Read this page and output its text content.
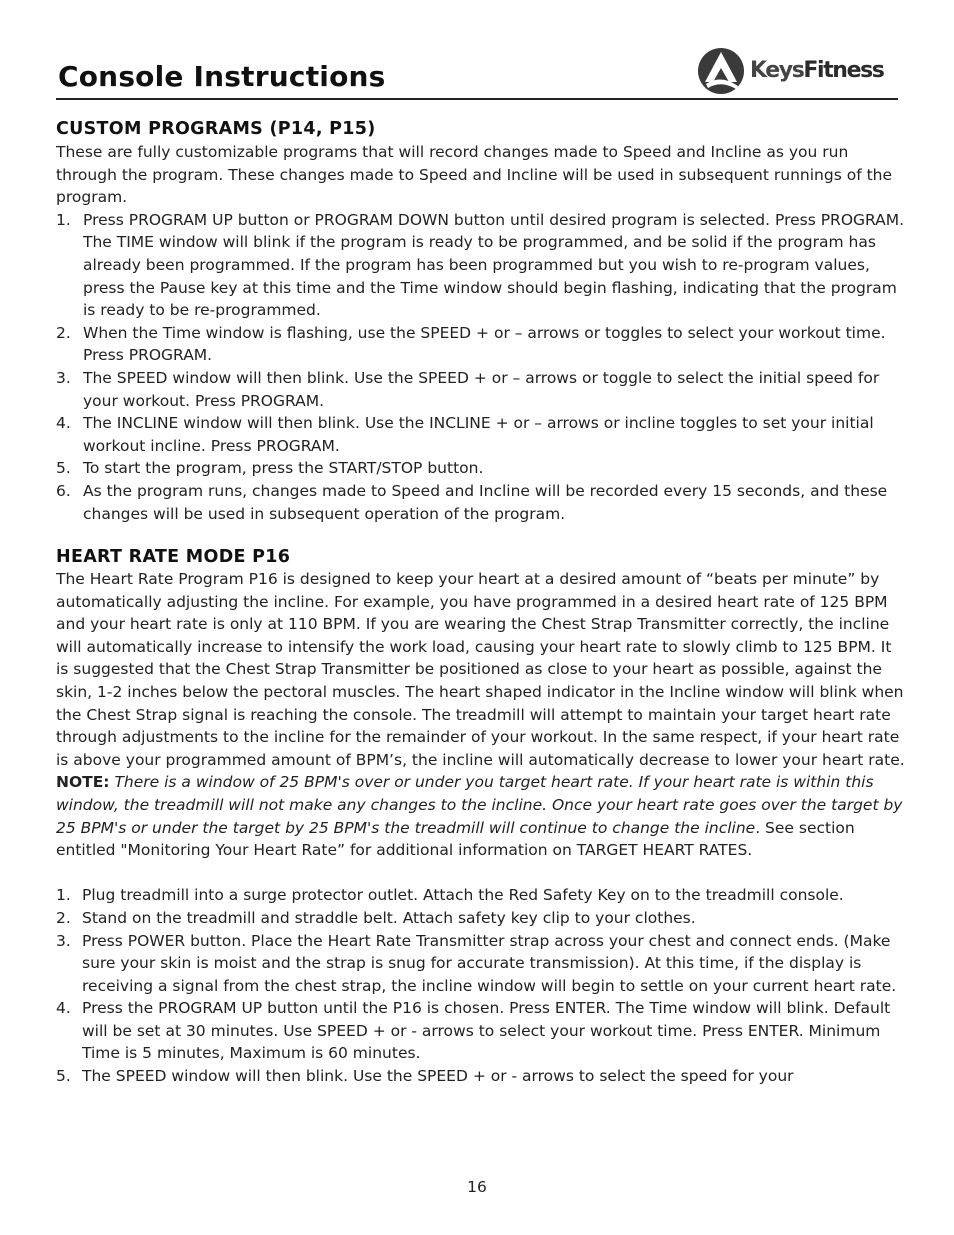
Console Instructions	KeysFitness
CUSTOM PROGRAMS (P14, P15)

These are fully customizable programs that will record changes made to Speed and Incline as you run through the program. These changes made to Speed and Incline will be used in subsequent runnings of the program.

1. Press PROGRAM UP button or PROGRAM DOWN button until desired program is selected. Press PROGRAM. The TIME window will blink if the program is ready to be programmed, and be solid if the program has already been programmed. If the program has been programmed but you wish to re-program values, press the Pause key at this time and the Time window should begin flashing, indicating that the program is ready to be re-programmed.
2. When the Time window is flashing, use the SPEED + or – arrows or toggles to select your workout time. Press PROGRAM.
3. The SPEED window will then blink. Use the SPEED + or – arrows or toggle to select the initial speed for your workout. Press PROGRAM.
4. The INCLINE window will then blink. Use the INCLINE + or – arrows or incline toggles to set your initial workout incline. Press PROGRAM.
5. To start the program, press the START/STOP button.
6. As the program runs, changes made to Speed and Incline will be recorded every 15 seconds, and these changes will be used in subsequent operation of the program.
HEART RATE MODE P16

The Heart Rate Program P16 is designed to keep your heart at a desired amount of “beats per minute” by automatically adjusting the incline. For example, you have programmed in a desired heart rate of 125 BPM and your heart rate is only at 110 BPM. If you are wearing the Chest Strap Transmitter correctly, the incline will automatically increase to intensify the work load, causing your heart rate to slowly climb to 125 BPM. It is suggested that the Chest Strap Transmitter be positioned as close to your heart as possible, against the skin, 1-2 inches below the pectoral muscles. The heart shaped indicator in the Incline window will blink when the Chest Strap signal is reaching the console. The treadmill will attempt to maintain your target heart rate through adjustments to the incline for the remainder of your workout. In the same respect, if your heart rate is above your programmed amount of BPM’s, the incline will automatically decrease to lower your heart rate. NOTE: There is a window of 25 BPM's over or under you target heart rate. If your heart rate is within this window, the treadmill will not make any changes to the incline. Once your heart rate goes over the target by 25 BPM's or under the target by 25 BPM's the treadmill will continue to change the incline. See section entitled "Monitoring Your Heart Rate” for additional information on TARGET HEART RATES.

1. Plug treadmill into a surge protector outlet. Attach the Red Safety Key on to the treadmill console.
2. Stand on the treadmill and straddle belt. Attach safety key clip to your clothes.
3. Press POWER button. Place the Heart Rate Transmitter strap across your chest and connect ends. (Make sure your skin is moist and the strap is snug for accurate transmission). At this time, if the display is receiving a signal from the chest strap, the incline window will begin to settle on your current heart rate.
4. Press the PROGRAM UP button until the P16 is chosen. Press ENTER. The Time window will blink. Default will be set at 30 minutes. Use SPEED + or - arrows to select your workout time. Press ENTER. Minimum Time is 5 minutes, Maximum is 60 minutes.
5. The SPEED window will then blink. Use the SPEED + or - arrows to select the speed for your
16
